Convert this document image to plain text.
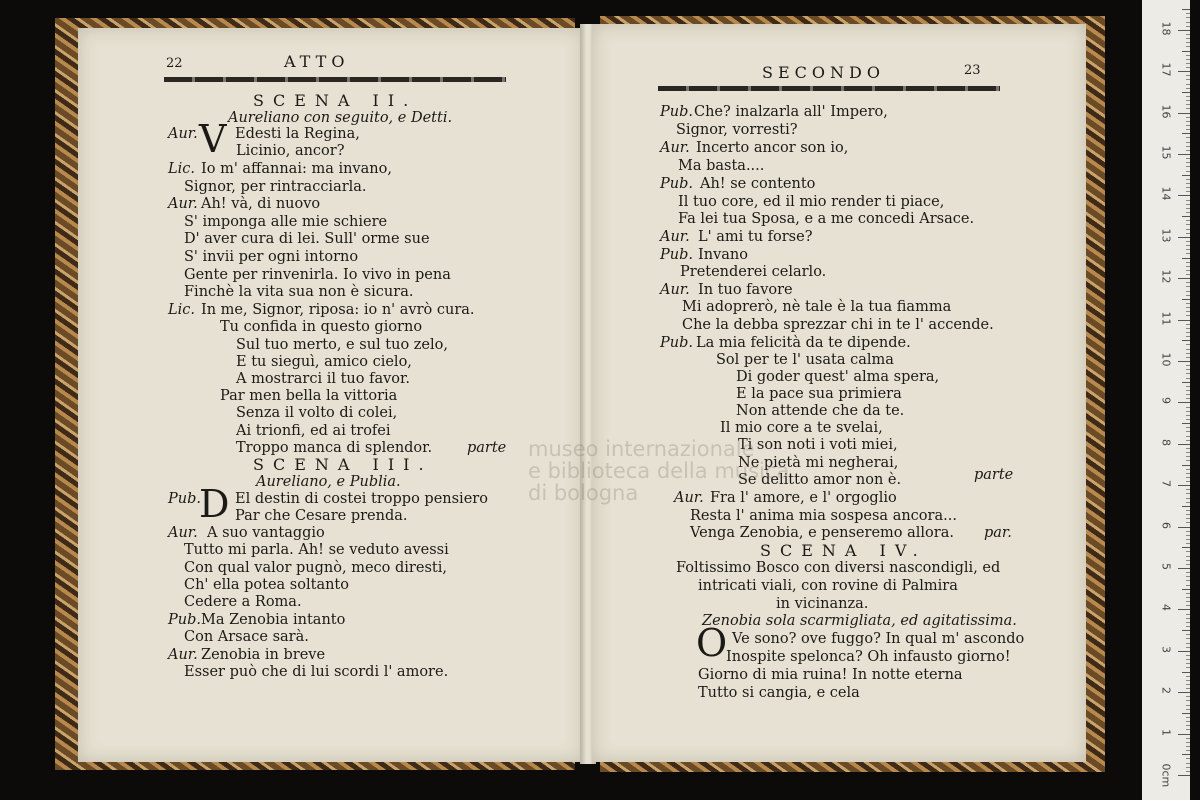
22	ATTO
SCENA II.
Aureliano con seguito, e Detti.
Aur.	Edesti la Regina,
Licinio, ancor?
Lic. Io m' affannai: ma invano,
Signor, per rintracciarla.
Aur. Ah! và, di nuovo
S' imponga alle mie schiere
D' aver cura di lei. Sull' orme sue
S' invii per ogni intorno
Gente per rinvenirla. Io vivo in pena
Finchè la vita sua non è sicura.
Lic. In me, Signor, riposa: io n' avrò cura.
Tu confida in questo giorno
Sul tuo merto, e sul tuo zelo,
E tu sieguì, amico cielo,
A mostrarci il tuo favor.
Par men bella la vittoria
Senza il volto di colei,
Ai trionfi, ed ai trofei
Troppo manca di splendor. parte
SCENA III.
Aureliano, e Publia.
Pub. El destin di costei troppo pensiero
Par che Cesare prenda.
Aur. A suo vantaggio
Tutto mi parla. Ah! se veduto avessi
Con qual valor pugnò, meco diresti,
Ch' ella potea soltanto
Cedere a Roma.
Pub. Ma Zenobia intanto
Con Arsace sarà.
Aur. Zenobia in breve
Esser può che di lui scordi l' amore.
V
D
SECONDO	23
Pub. Che? inalzarla all' Impero,
Signor, vorresti?
Aur. Incerto ancor son io,
Ma basta....
Pub. Ah! se contento
Il tuo core, ed il mio render ti piace,
Fa lei tua Sposa, e a me concedi Arsace.
Aur. L' ami tu forse?
Pub. Invano
Pretenderei celarlo.
Aur. In tuo favore
Mi adoprerò, nè tale è la tua fiamma
Che la debba sprezzar chi in te l' accende.
Pub. La mia felicità da te dipende.
Sol per te l' usata calma
Di goder quest' alma spera,
E la pace sua primiera
Non attende che da te.
Il mio core a te svelai,
Ti son noti i voti miei,
Ne pietà mi negherai,
Se delitto amor non è.	parte
Aur. Fra l' amore, e l' orgoglio
Resta l' anima mia sospesa ancora...
Venga Zenobia, e penseremo allora. par.
SCENA IV.
Foltissimo Bosco con diversi nascondigli, ed
intricati viali, con rovine di Palmira
in vicinanza.
Zenobia sola scarmigliata, ed agitatissima.
Ve sono? ove fuggo? In qual m' ascondo
Inospite spelonca? Oh infausto giorno!
Giorno di mia ruina! In notte eterna
Tutto si cangia, e cela
O
museo internazionale
e biblioteca della musica
di bologna
0cm
1
2
3
4
5
6
7
8
9
10
11
12
13
14
15
16
17
18
